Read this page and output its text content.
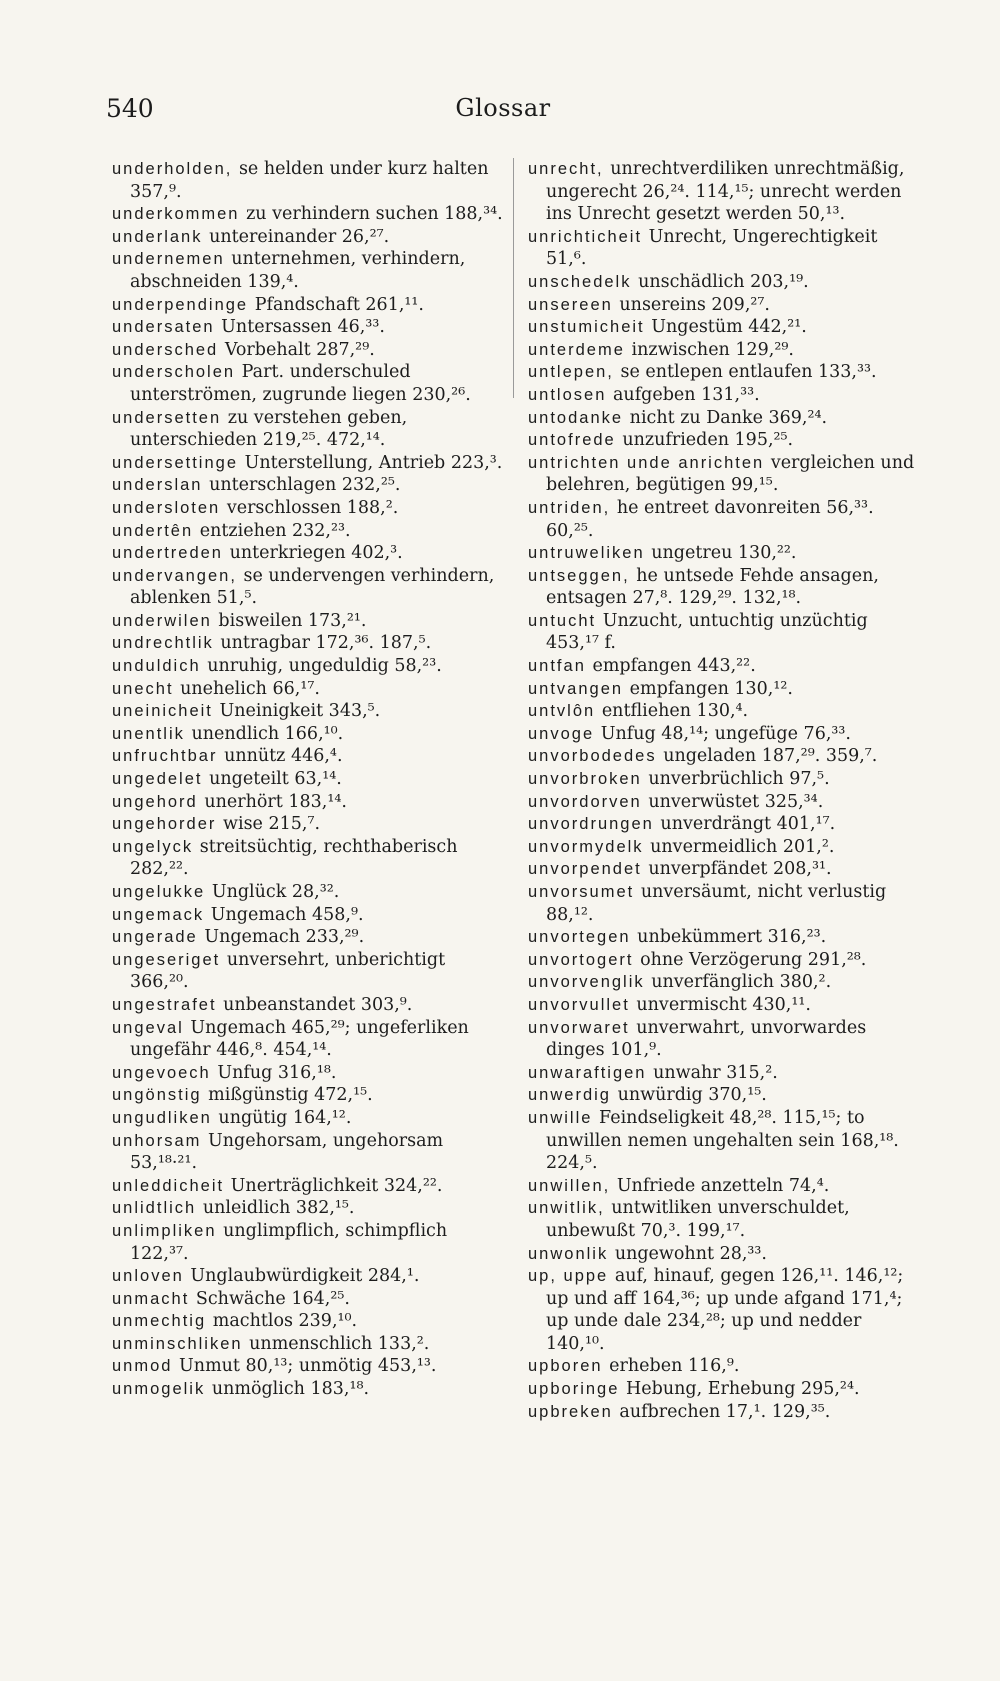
540	Glossar

underholden, se helden under kurz halten 357,⁹.

underkommen zu verhindern suchen 188,³⁴.

underlank untereinander 26,²⁷.

undernemen unternehmen, verhindern, abschneiden 139,⁴.

underpendinge Pfandschaft 261,¹¹.

undersaten Untersassen 46,³³.

undersched Vorbehalt 287,²⁹.

underscholen Part. underschuled unterströmen, zugrunde liegen 230,²⁶.

undersetten zu verstehen geben, unterschieden 219,²⁵. 472,¹⁴.

undersettinge Unterstellung, Antrieb 223,³.

underslan unterschlagen 232,²⁵.

undersloten verschlossen 188,².

undertên entziehen 232,²³.

undertreden unterkriegen 402,³.

undervangen, se undervengen verhindern, ablenken 51,⁵.

underwilen bisweilen 173,²¹.

undrechtlik untragbar 172,³⁶. 187,⁵.

unduldich unruhig, ungeduldig 58,²³.

unecht unehelich 66,¹⁷.

uneinicheit Uneinigkeit 343,⁵.

unentlik unendlich 166,¹⁰.

unfruchtbar unnütz 446,⁴.

ungedelet ungeteilt 63,¹⁴.

ungehord unerhört 183,¹⁴.

ungehorder wise 215,⁷.

ungelyck streitsüchtig, rechthaberisch 282,²².

ungelukke Unglück 28,³².

ungemack Ungemach 458,⁹.

ungerade Ungemach 233,²⁹.

ungeseriget unversehrt, unberichtigt 366,²⁰.

ungestrafet unbeanstandet 303,⁹.

ungeval Ungemach 465,²⁹; ungeferliken ungefähr 446,⁸. 454,¹⁴.

ungevoech Unfug 316,¹⁸.

ungönstig mißgünstig 472,¹⁵.

ungudliken ungütig 164,¹².

unhorsam Ungehorsam, ungehorsam 53,¹⁸·²¹.

unleddicheit Unerträglichkeit 324,²².

unlidtlich unleidlich 382,¹⁵.

unlimpliken unglimpflich, schimpflich 122,³⁷.

unloven Unglaubwürdigkeit 284,¹.

unmacht Schwäche 164,²⁵.

unmechtig machtlos 239,¹⁰.

unminschliken unmenschlich 133,².

unmod Unmut 80,¹³; unmötig 453,¹³.

unmogelik unmöglich 183,¹⁸.

unrecht, unrechtverdiliken unrechtmäßig, ungerecht 26,²⁴. 114,¹⁵; unrecht werden ins Unrecht gesetzt werden 50,¹³.

unrichticheit Unrecht, Ungerechtigkeit 51,⁶.

unschedelk unschädlich 203,¹⁹.

unsereen unsereins 209,²⁷.

unstumicheit Ungestüm 442,²¹.

unterdeme inzwischen 129,²⁹.

untlepen, se entlepen entlaufen 133,³³.

untlosen aufgeben 131,³³.

untodanke nicht zu Danke 369,²⁴.

untofrede unzufrieden 195,²⁵.

untrichten unde anrichten vergleichen und belehren, begütigen 99,¹⁵.

untriden, he entreet davonreiten 56,³³. 60,²⁵.

untruweliken ungetreu 130,²².

untseggen, he untsede Fehde ansagen, entsagen 27,⁸. 129,²⁹. 132,¹⁸.

untucht Unzucht, untuchtig unzüchtig 453,¹⁷ f.

untfan empfangen 443,²².

untvangen empfangen 130,¹².

untvlôn entfliehen 130,⁴.

unvoge Unfug 48,¹⁴; ungefüge 76,³³.

unvorbodedes ungeladen 187,²⁹. 359,⁷.

unvorbroken unverbrüchlich 97,⁵.

unvordorven unverwüstet 325,³⁴.

unvordrungen unverdrängt 401,¹⁷.

unvormydelk unvermeidlich 201,².

unvorpendet unverpfändet 208,³¹.

unvorsumet unversäumt, nicht verlustig 88,¹².

unvortegen unbekümmert 316,²³.

unvortogert ohne Verzögerung 291,²⁸.

unvorvenglik unverfänglich 380,².

unvorvullet unvermischt 430,¹¹.

unvorwaret unverwahrt, unvorwardes dinges 101,⁹.

unwaraftigen unwahr 315,².

unwerdig unwürdig 370,¹⁵.

unwille Feindseligkeit 48,²⁸. 115,¹⁵; to unwillen nemen ungehalten sein 168,¹⁸. 224,⁵.

unwillen, Unfriede anzetteln 74,⁴.

unwitlik, untwitliken unverschuldet, unbewußt 70,³. 199,¹⁷.

unwonlik ungewohnt 28,³³.

up, uppe auf, hinauf, gegen 126,¹¹. 146,¹²; up und aff 164,³⁶; up unde afgand 171,⁴; up unde dale 234,²⁸; up und nedder 140,¹⁰.

upboren erheben 116,⁹.

upboringe Hebung, Erhebung 295,²⁴.

upbreken aufbrechen 17,¹. 129,³⁵.
